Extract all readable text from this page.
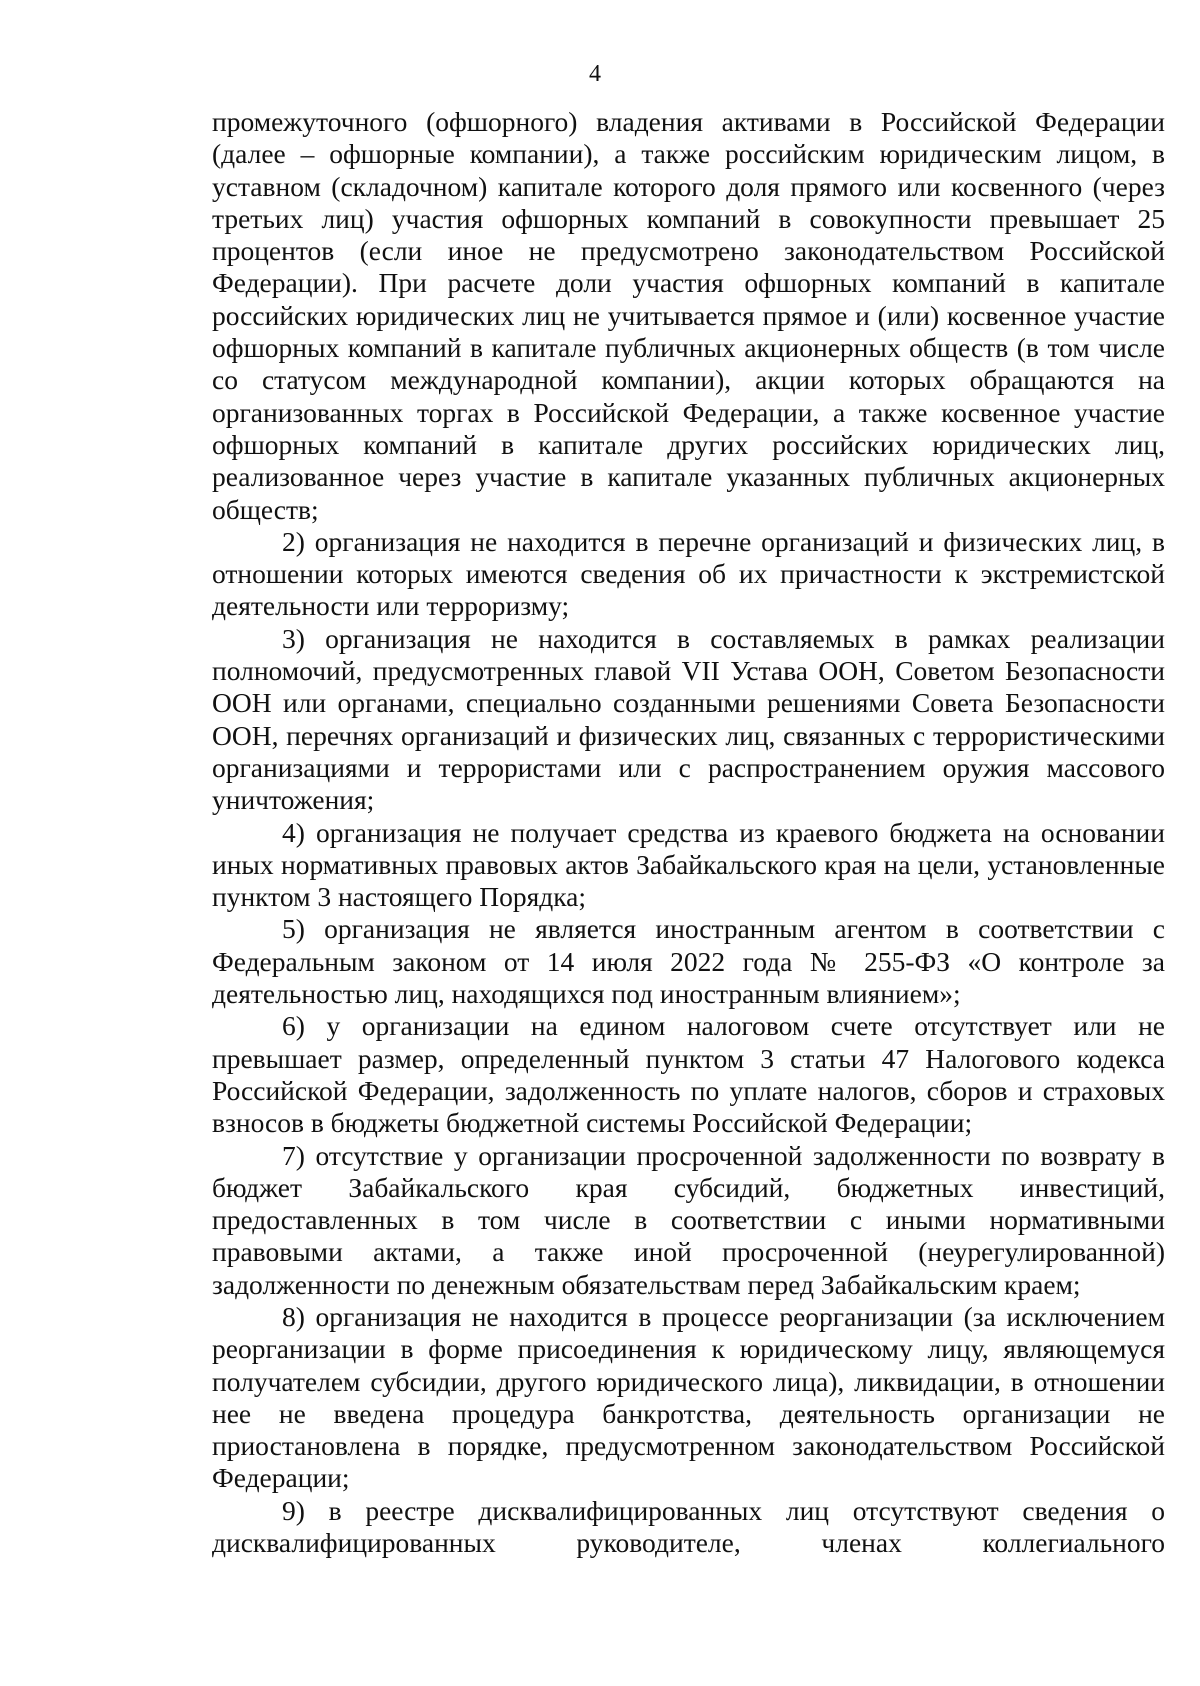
4

промежуточного (офшорного) владения активами в Российской Федерации (далее – офшорные компании), а также российским юридическим лицом, в уставном (складочном) капитале которого доля прямого или косвенного (через третьих лиц) участия офшорных компаний в совокупности превышает 25 процентов (если иное не предусмотрено законодательством Российской Федерации). При расчете доли участия офшорных компаний в капитале российских юридических лиц не учитывается прямое и (или) косвенное участие офшорных компаний в капитале публичных акционерных обществ (в том числе со статусом международной компании), акции которых обращаются на организованных торгах в Российской Федерации, а также косвенное участие офшорных компаний в капитале других российских юридических лиц, реализованное через участие в капитале указанных публичных акционерных обществ;

2) организация не находится в перечне организаций и физических лиц, в отношении которых имеются сведения об их причастности к экстремистской деятельности или терроризму;

3) организация не находится в составляемых в рамках реализации полномочий, предусмотренных главой VII Устава ООН, Советом Безопасности ООН или органами, специально созданными решениями Совета Безопасности ООН, перечнях организаций и физических лиц, связанных с террористическими организациями и террористами или с распространением оружия массового уничтожения;

4) организация не получает средства из краевого бюджета на основании иных нормативных правовых актов Забайкальского края на цели, установленные пунктом 3 настоящего Порядка;

5) организация не является иностранным агентом в соответствии с Федеральным законом от 14 июля 2022 года № 255-ФЗ «О контроле за деятельностью лиц, находящихся под иностранным влиянием»;

6) у организации на едином налоговом счете отсутствует или не превышает размер, определенный пунктом 3 статьи 47 Налогового кодекса Российской Федерации, задолженность по уплате налогов, сборов и страховых взносов в бюджеты бюджетной системы Российской Федерации;

7) отсутствие у организации просроченной задолженности по возврату в бюджет Забайкальского края субсидий, бюджетных инвестиций, предоставленных в том числе в соответствии с иными нормативными правовыми актами, а также иной просроченной (неурегулированной) задолженности по денежным обязательствам перед Забайкальским краем;

8) организация не находится в процессе реорганизации (за исключением реорганизации в форме присоединения к юридическому лицу, являющемуся получателем субсидии, другого юридического лица), ликвидации, в отношении нее не введена процедура банкротства, деятельность организации не приостановлена в порядке, предусмотренном законодательством Российской Федерации;

9) в реестре дисквалифицированных лиц отсутствуют сведения о дисквалифицированных руководителе, членах коллегиального
